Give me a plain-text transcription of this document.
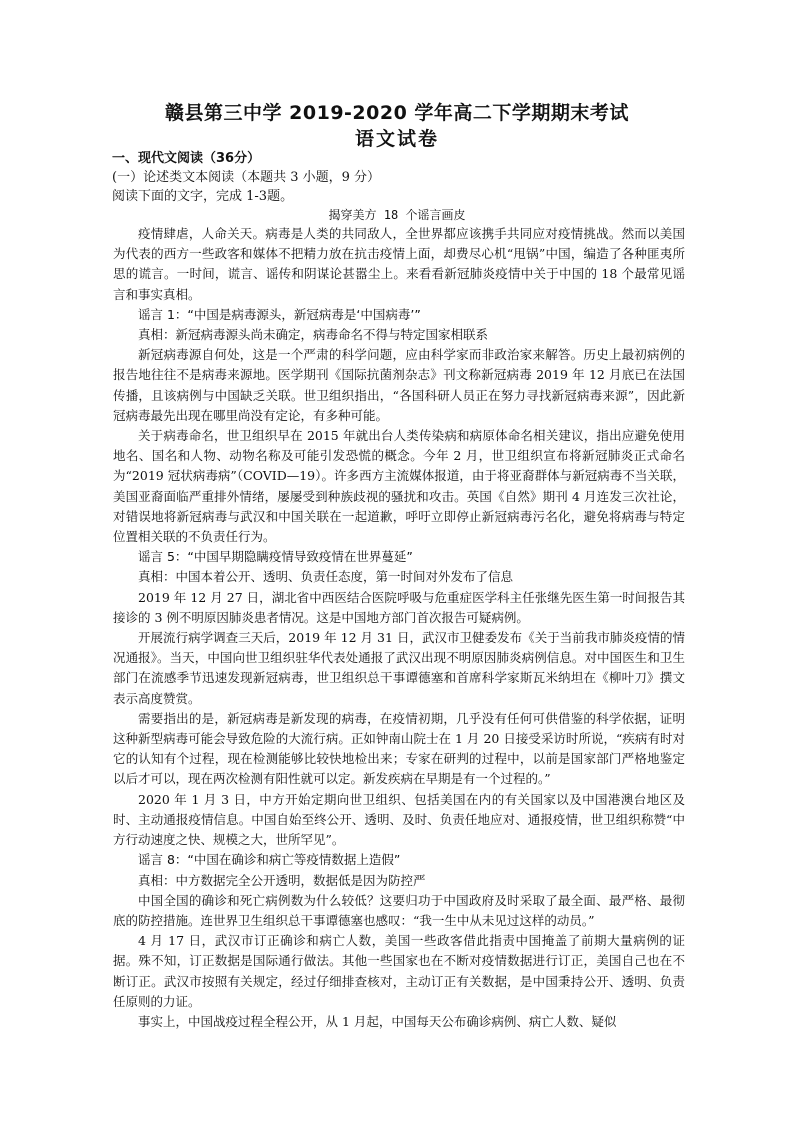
赣县第三中学 2019-2020 学年高二下学期期末考试
语文试卷
一、现代文阅读（36分）
(一）论述类文本阅读（本题共 3 小题，9 分）
阅读下面的文字，完成 1-3题。
揭穿美方 18 个谣言画皮

疫情肆虐，人命关天。病毒是人类的共同敌人，全世界都应该携手共同应对疫情挑战。然而以美国为代表的西方一些政客和媒体不把精力放在抗击疫情上面，却费尽心机“甩锅”中国，编造了各种匪夷所思的谎言。一时间，谎言、谣传和阴谋论甚嚣尘上。来看看新冠肺炎疫情中关于中国的 18 个最常见谣言和事实真相。

谣言 1：“中国是病毒源头，新冠病毒是‘中国病毒’”

真相：新冠病毒源头尚未确定，病毒命名不得与特定国家相联系

新冠病毒源自何处，这是一个严肃的科学问题，应由科学家而非政治家来解答。历史上最初病例的报告地往往不是病毒来源地。医学期刊《国际抗菌剂杂志》刊文称新冠病毒 2019 年 12 月底已在法国传播，且该病例与中国缺乏关联。世卫组织指出，“各国科研人员正在努力寻找新冠病毒来源”，因此新冠病毒最先出现在哪里尚没有定论，有多种可能。

关于病毒命名，世卫组织早在 2015 年就出台人类传染病和病原体命名相关建议，指出应避免使用地名、国名和人物、动物名称及可能引发恐慌的概念。今年 2 月，世卫组织宣布将新冠肺炎正式命名为“2019 冠状病毒病”（COVID—19）。许多西方主流媒体报道，由于将亚裔群体与新冠病毒不当关联，美国亚裔面临严重排外情绪，屡屡受到种族歧视的骚扰和攻击。英国《自然》期刊 4 月连发三次社论，对错误地将新冠病毒与武汉和中国关联在一起道歉，呼吁立即停止新冠病毒污名化，避免将病毒与特定位置相关联的不负责任行为。

谣言 5：“中国早期隐瞒疫情导致疫情在世界蔓延”

真相：中国本着公开、透明、负责任态度，第一时间对外发布了信息

2019 年 12 月 27 日，湖北省中西医结合医院呼吸与危重症医学科主任张继先医生第一时间报告其接诊的 3 例不明原因肺炎患者情况。这是中国地方部门首次报告可疑病例。

开展流行病学调查三天后，2019 年 12 月 31 日，武汉市卫健委发布《关于当前我市肺炎疫情的情况通报》。当天，中国向世卫组织驻华代表处通报了武汉出现不明原因肺炎病例信息。对中国医生和卫生部门在流感季节迅速发现新冠病毒，世卫组织总干事谭德塞和首席科学家斯瓦米纳坦在《柳叶刀》撰文表示高度赞赏。

需要指出的是，新冠病毒是新发现的病毒，在疫情初期，几乎没有任何可供借鉴的科学依据，证明这种新型病毒可能会导致危险的大流行病。正如钟南山院士在 1 月 20 日接受采访时所说，“疾病有时对它的认知有个过程，现在检测能够比较快地检出来；专家在研判的过程中，以前是国家部门严格地鉴定以后才可以，现在两次检测有阳性就可以定。新发疾病在早期是有一个过程的。”

2020 年 1 月 3 日，中方开始定期向世卫组织、包括美国在内的有关国家以及中国港澳台地区及时、主动通报疫情信息。中国自始至终公开、透明、及时、负责任地应对、通报疫情，世卫组织称赞“中方行动速度之快、规模之大，世所罕见”。

谣言 8：“中国在确诊和病亡等疫情数据上造假”

真相：中方数据完全公开透明，数据低是因为防控严

中国全国的确诊和死亡病例数为什么较低？这要归功于中国政府及时采取了最全面、最严格、最彻底的防控措施。连世界卫生组织总干事谭德塞也感叹：“我一生中从未见过这样的动员。”

4 月 17 日，武汉市订正确诊和病亡人数，美国一些政客借此指责中国掩盖了前期大量病例的证据。殊不知，订正数据是国际通行做法。其他一些国家也在不断对疫情数据进行订正，美国自己也在不断订正。武汉市按照有关规定，经过仔细排查核对，主动订正有关数据，是中国秉持公开、透明、负责任原则的力证。

事实上，中国战疫过程全程公开，从 1 月起，中国每天公布确诊病例、病亡人数、疑似
